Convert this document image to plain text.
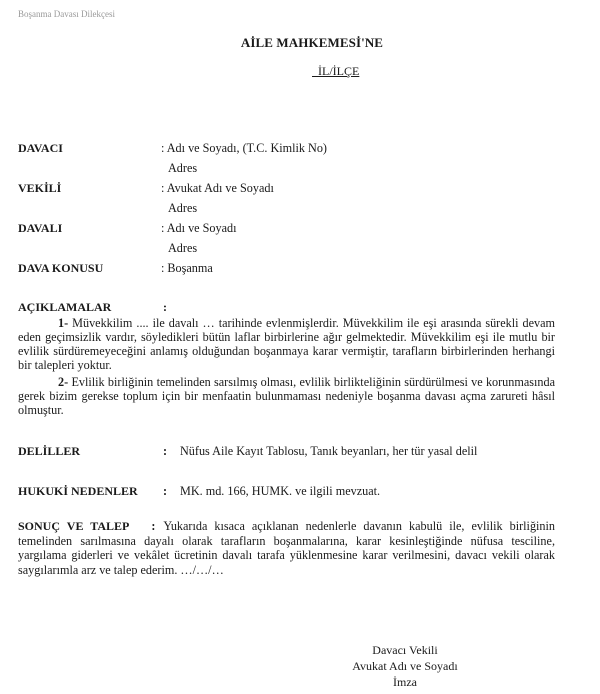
Boşanma Davası Dilekçesi
AİLE MAHKEMESİ'NE
İL/İLÇE
DAVACI	: Adı ve Soyadı, (T.C. Kimlik No)
Adres
VEKİLİ	: Avukat Adı ve Soyadı
Adres
DAVALI	: Adı ve Soyadı
Adres
DAVA KONUSU	: Boşanma
AÇIKLAMALAR	:
1- Müvekkilim .... ile davalı … tarihinde evlenmişlerdir. Müvekkilim ile eşi arasında sürekli devam eden geçimsizlik vardır, söyledikleri bütün laflar birbirlerine ağır gelmektedir. Müvekkilim eşi ile mutlu bir evlilik sürdüremeyeceğini anlamış olduğundan boşanmaya karar vermiştir, tarafların birbirlerinden herhangi bir talepleri yoktur.
2- Evlilik birliğinin temelinden sarsılmış olması, evlilik birlikteliğinin sürdürülmesi ve korunmasında gerek bizim gerekse toplum için bir menfaatin bulunmaması nedeniyle boşanma davası açma zarureti hâsıl olmuştur.
DELİLLER	: Nüfus Aile Kayıt Tablosu, Tanık beyanları, her tür yasal delil
HUKUKİ NEDENLER : MK. md. 166, HUMK. ve ilgili mevzuat.
SONUÇ VE TALEP : Yukarıda kısaca açıklanan nedenlerle davanın kabulü ile, evlilik birliğinin temelinden sarılmasına dayalı olarak tarafların boşanmalarına, karar kesinleştiğinde nüfusa tesciline, yargılama giderleri ve vekâlet ücretinin davalı tarafa yüklenmesine karar verilmesini, davacı vekili olarak saygılarımla arz ve talep ederim. …/…/…
Davacı Vekili
Avukat Adı ve Soyadı
İmza
